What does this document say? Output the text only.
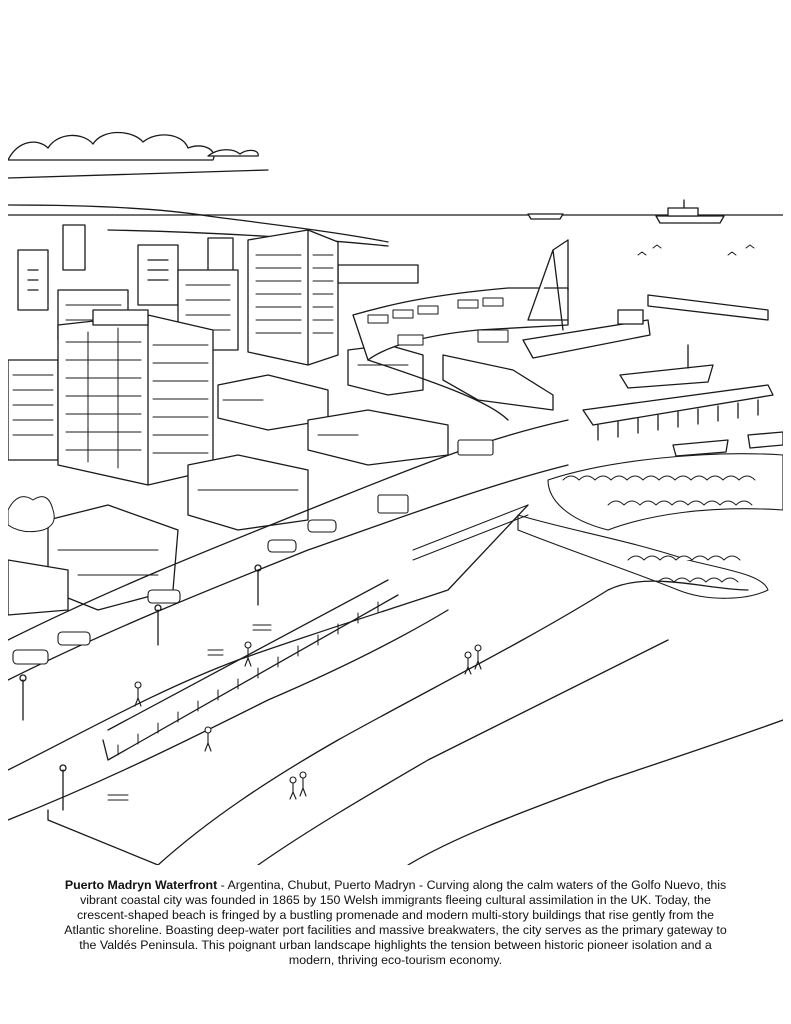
Puerto Madryn Waterfront - Argentina, Chubut, Puerto Madryn - Curving along the calm waters of the Golfo Nuevo, this vibrant coastal city was founded in 1865 by 150 Welsh immigrants fleeing cultural assimilation in the UK. Today, the crescent-shaped beach is fringed by a bustling promenade and modern multi-story buildings that rise gently from the Atlantic shoreline. Boasting deep-water port facilities and massive breakwaters, the city serves as the primary gateway to the Valdés Peninsula. This poignant urban landscape highlights the tension between historic pioneer isolation and a modern, thriving eco-tourism economy.
